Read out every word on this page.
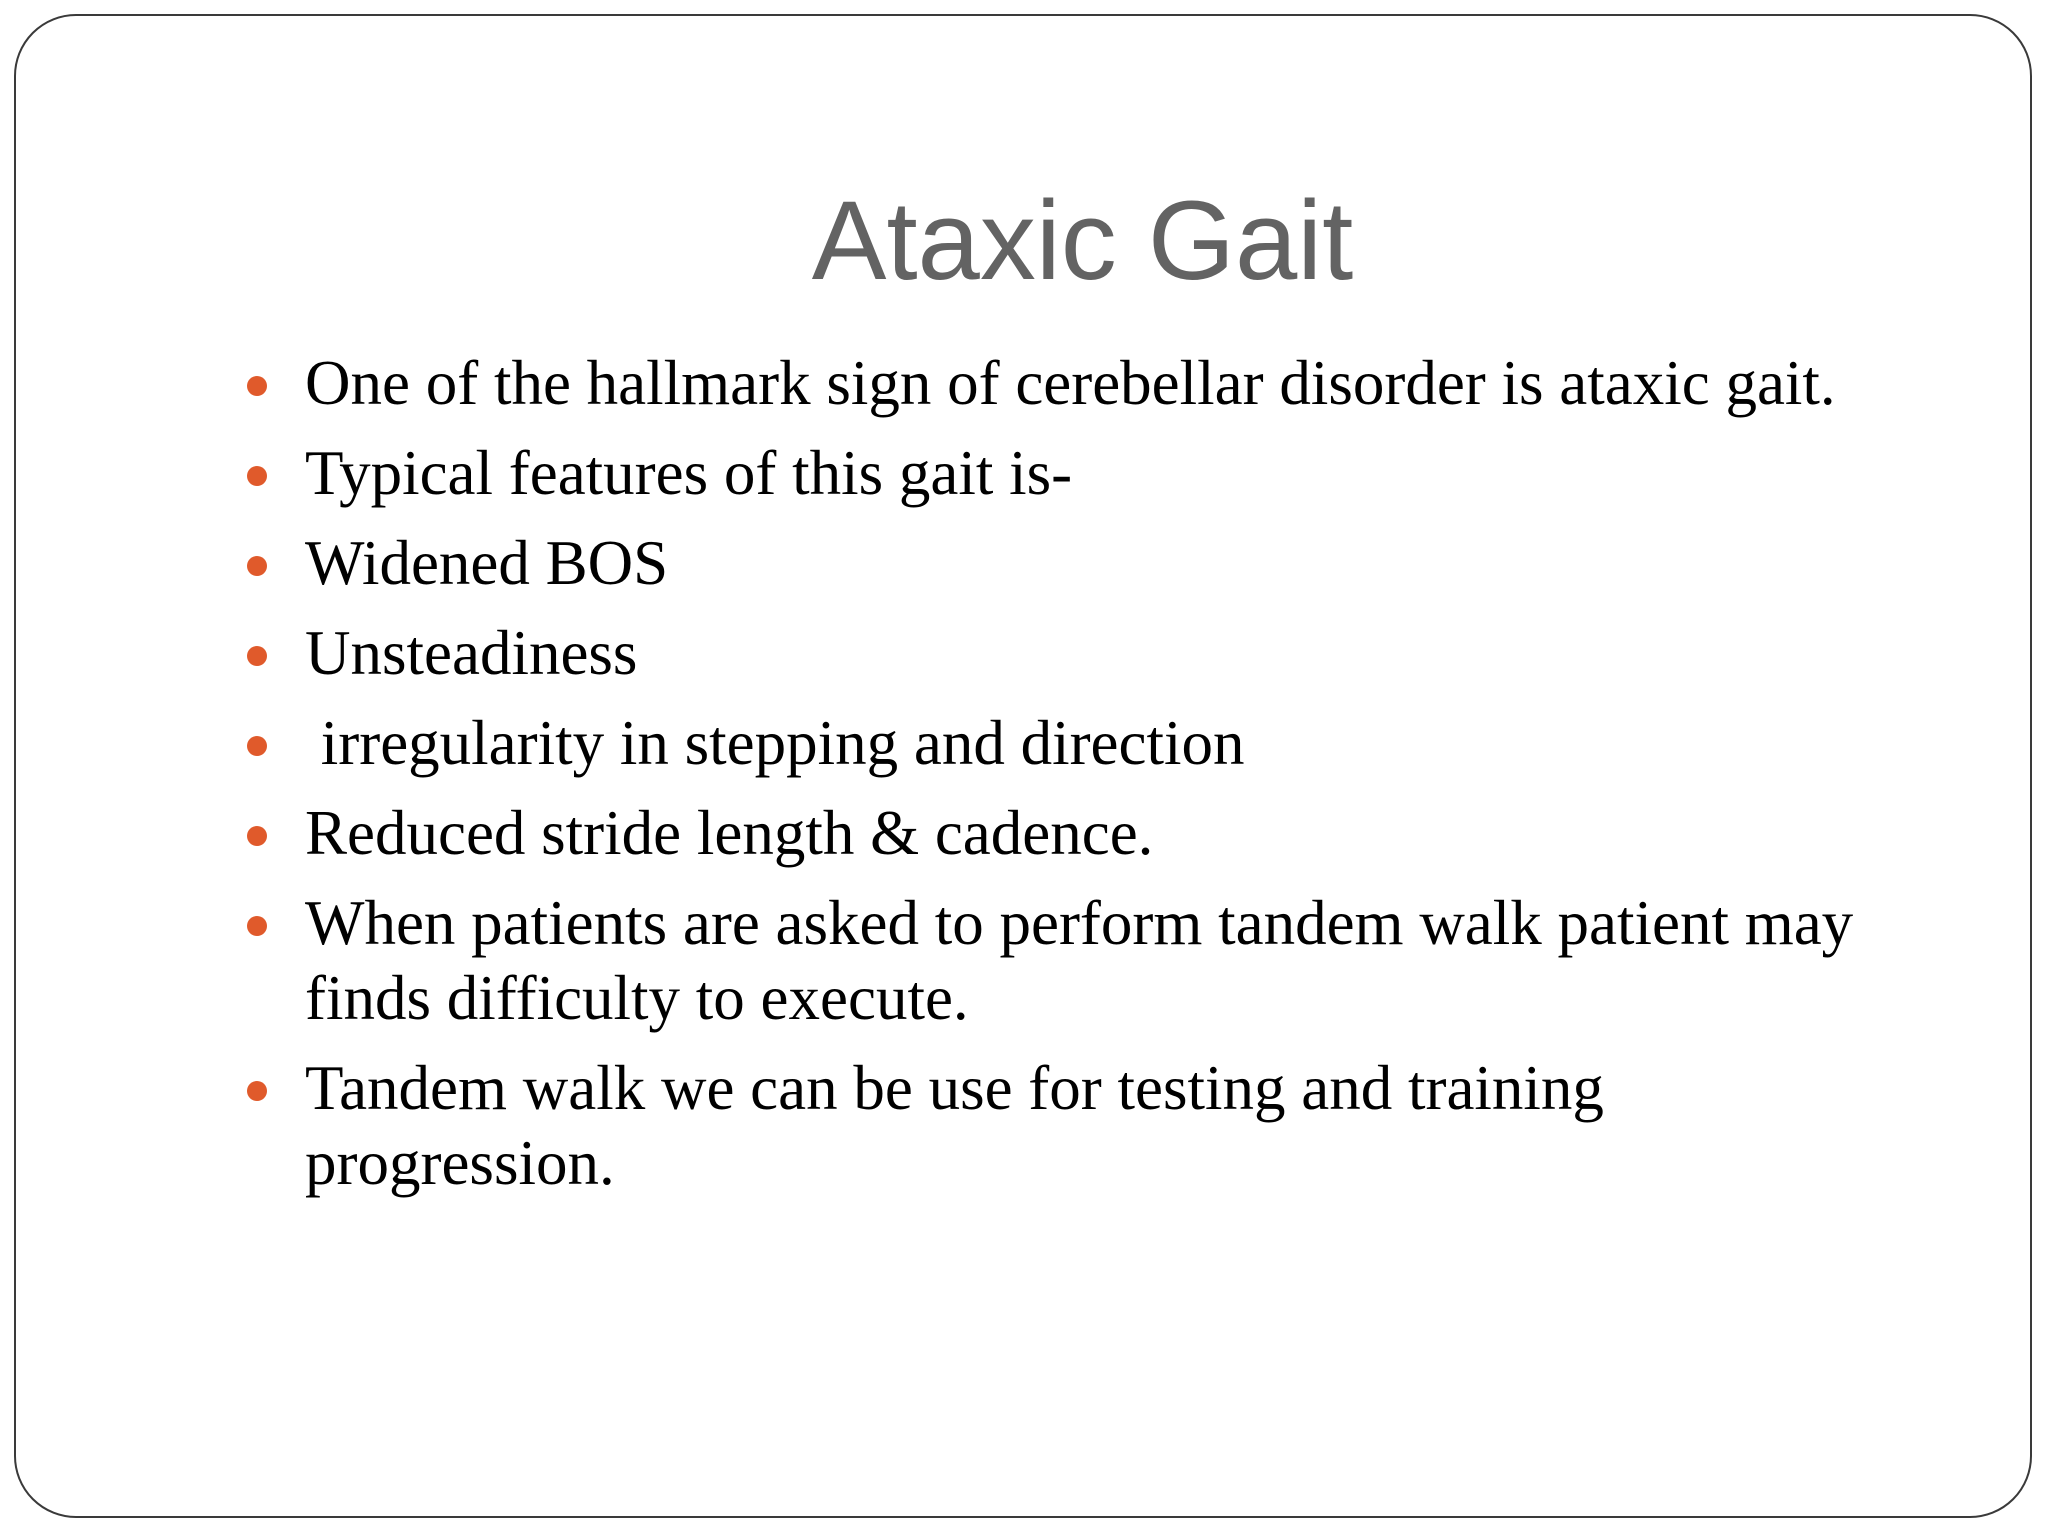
Ataxic Gait
One of the hallmark sign of cerebellar disorder is ataxic gait.
Typical features of this gait is-
Widened BOS
Unsteadiness
irregularity in stepping and direction
Reduced stride length & cadence.
When patients are asked to perform tandem walk patient may finds difficulty to execute.
Tandem walk we can be use for testing and training progression.
